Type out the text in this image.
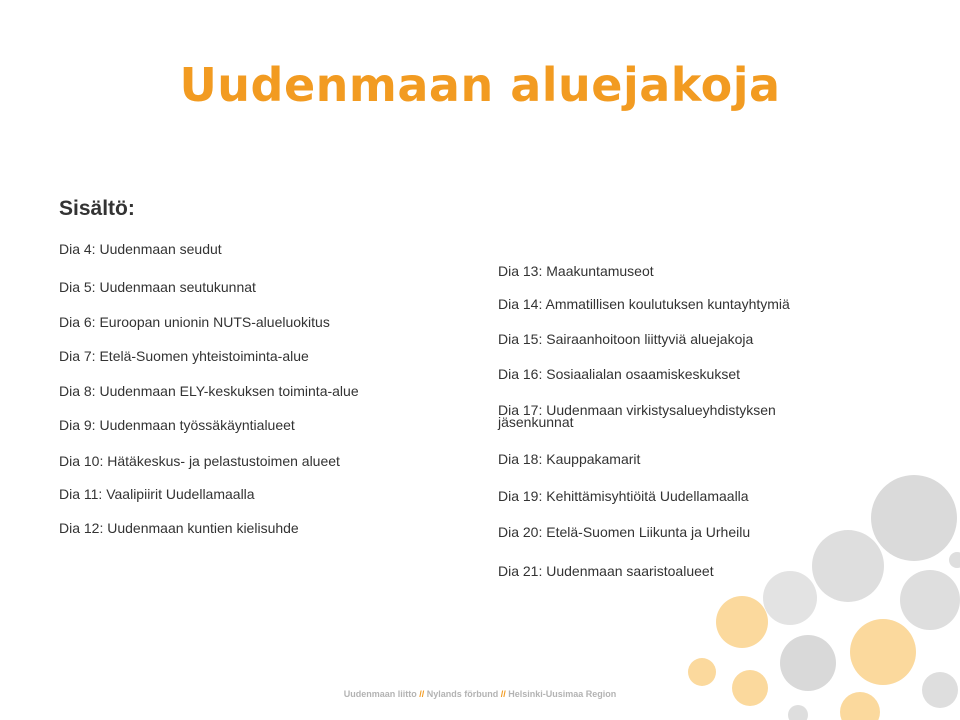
Uudenmaan aluejakoja
Sisältö:
Dia 4: Uudenmaan seudut
Dia 5: Uudenmaan seutukunnat
Dia 6: Euroopan unionin NUTS-alueluokitus
Dia 7: Etelä-Suomen yhteistoiminta-alue
Dia 8: Uudenmaan ELY-keskuksen toiminta-alue
Dia 9: Uudenmaan työssäkäyntialueet
Dia 10: Hätäkeskus- ja pelastustoimen alueet
Dia 11: Vaalipiirit Uudellamaalla
Dia 12: Uudenmaan kuntien kielisuhde
Dia 13: Maakuntamuseot
Dia 14: Ammatillisen koulutuksen kuntayhtymiä
Dia 15: Sairaanhoitoon liittyviä aluejakoja
Dia 16: Sosiaalialan osaamiskeskukset
Dia 17: Uudenmaan virkistysalueyhdistyksen jäsenkunnat
Dia 18: Kauppakamarit
Dia 19: Kehittämisyhtiöitä Uudellamaalla
Dia 20: Etelä-Suomen Liikunta ja Urheilu
Dia 21: Uudenmaan saaristoalueet
Uudenmaan liitto // Nylands förbund // Helsinki-Uusimaa Region
